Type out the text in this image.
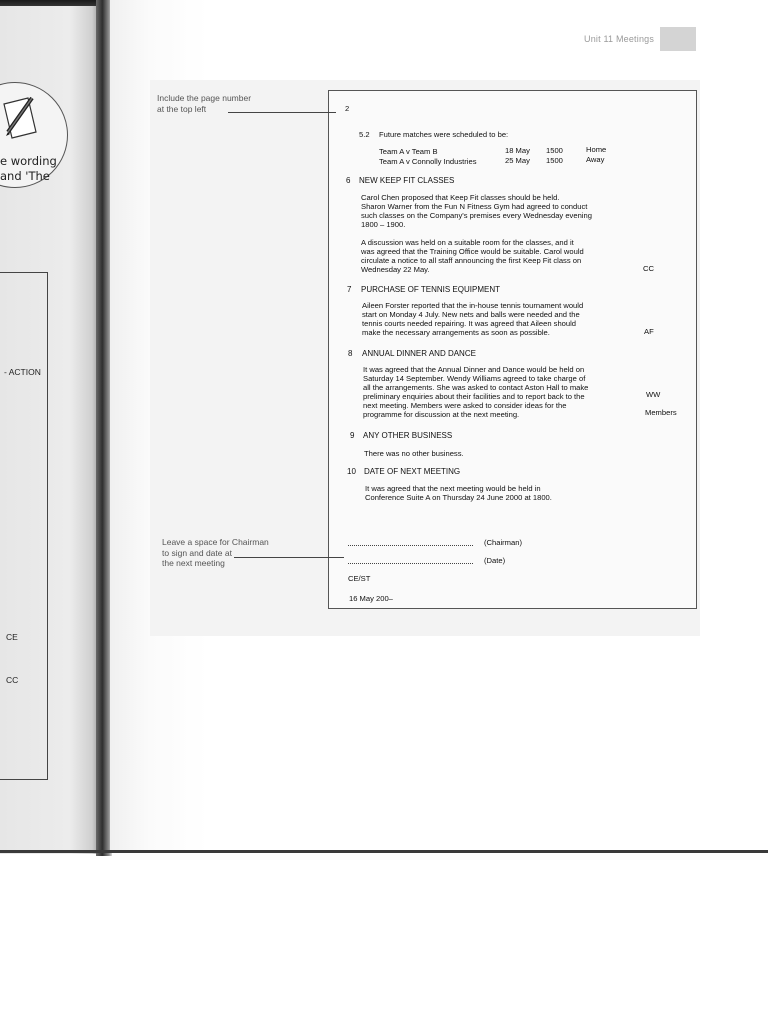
e wording
and 'The
- ACTION
CE
CC
Unit 11 Meetings
Include the page number
at the top left
Leave a space for Chairman
to sign and date at
the next meeting
2
5.2 Future matches were scheduled to be:
Team A v Team B	18 May 1500	Home
Team A v Connolly Industries	25 May 1500	Away
6 NEW KEEP FIT CLASSES
Carol Chen proposed that Keep Fit classes should be held.
Sharon Warner from the Fun N Fitness Gym had agreed to conduct
such classes on the Company's premises every Wednesday evening
1800 – 1900.
A discussion was held on a suitable room for the classes, and it
was agreed that the Training Office would be suitable. Carol would
circulate a notice to all staff announcing the first Keep Fit class on
Wednesday 22 May.	CC
7 PURCHASE OF TENNIS EQUIPMENT
Aileen Forster reported that the in-house tennis tournament would
start on Monday 4 July. New nets and balls were needed and the
tennis courts needed repairing. It was agreed that Aileen should
make the necessary arrangements as soon as possible.	AF
8 ANNUAL DINNER AND DANCE
It was agreed that the Annual Dinner and Dance would be held on
Saturday 14 September. Wendy Williams agreed to take charge of
all the arrangements. She was asked to contact Aston Hall to make
preliminary enquiries about their facilities and to report back to the
next meeting. Members were asked to consider ideas for the
programme for discussion at the next meeting.
WW
Members
9 ANY OTHER BUSINESS
There was no other business.
10 DATE OF NEXT MEETING
It was agreed that the next meeting would be held in
Conference Suite A on Thursday 24 June 2000 at 1800.
(Chairman)
(Date)
CE/ST
16 May 200–
